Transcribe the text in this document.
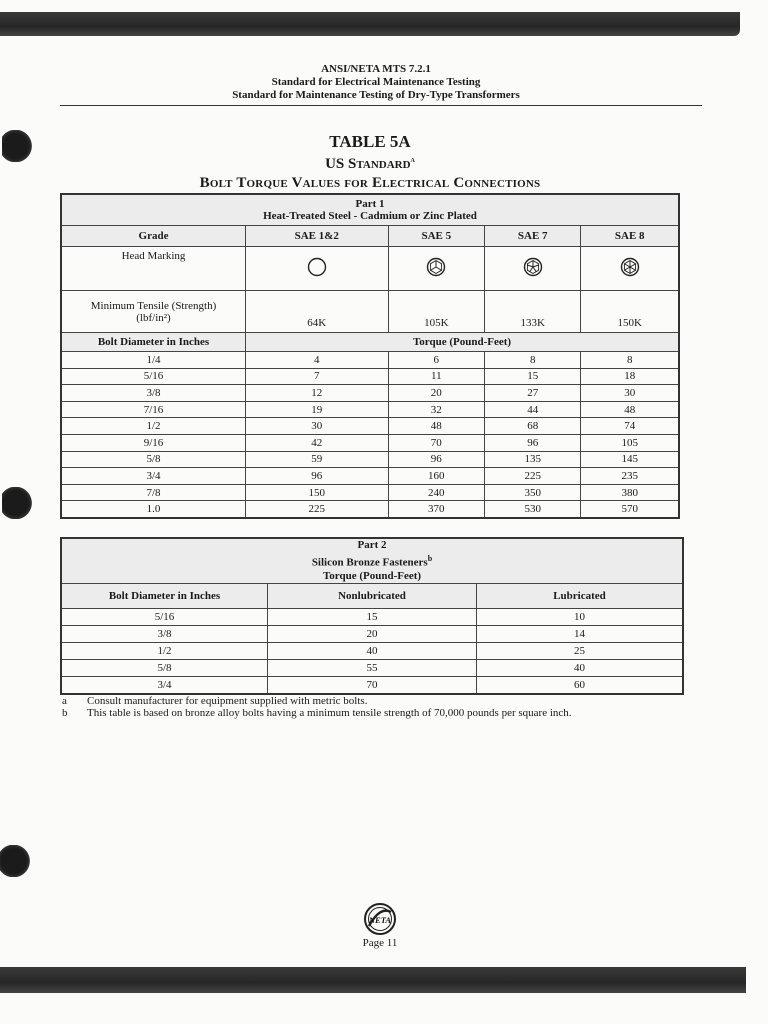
ANSI/NETA MTS 7.2.1
Standard for Electrical Maintenance Testing
Standard for Maintenance Testing of Dry-Type Transformers
TABLE 5A
US Standard$^a$
Bolt Torque Values for Electrical Connections
Part 1
Heat-Treated Steel - Cadmium or Zinc Plated				

Grade	SAE 1&2	SAE 5	SAE 7	SAE 8
Head Marking				

Minimum Tensile (Strength)
(lbf/in²)	64K	105K	133K	150K
Bolt Diameter in Inches	Torque (Pound-Feet)			
1/4	4	6	8	8
5/16	7	11	15	18
3/8	12	20	27	30
7/16	19	32	44	48
1/2	30	48	68	74
9/16	42	70	96	105
5/8	59	96	135	145
3/4	96	160	225	235
7/8	150	240	350	380
1.0	225	370	530	570
Part 2
Silicon Bronze Fasteners$^b$
Torque (Pound-Feet)		

Bolt Diameter in Inches	Nonlubricated	Lubricated
5/16	15	10
3/8	20	14
1/2	40	25
5/8	55	40
3/4	70	60
a	Consult manufacturer for equipment supplied with metric bolts.
b	This table is based on bronze alloy bolts having a minimum tensile strength of 70,000 pounds per square inch.
NETA
Page 11
